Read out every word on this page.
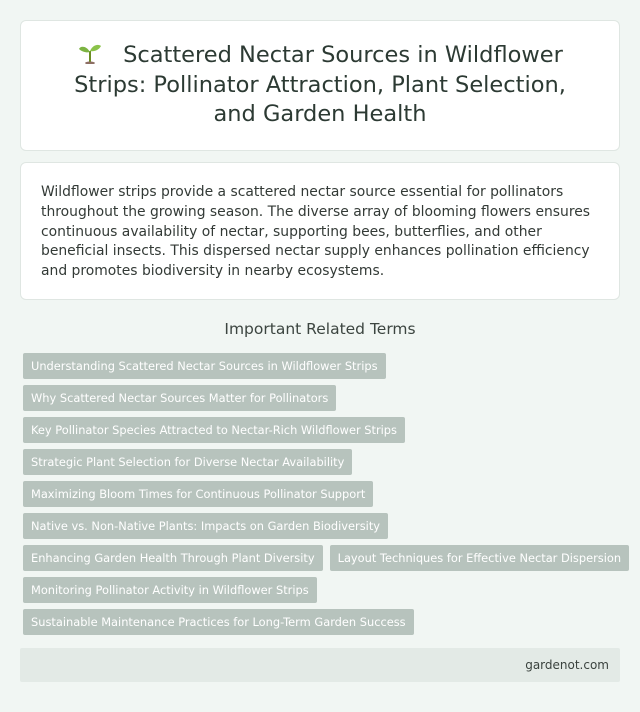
Scattered Nectar Sources in Wildflower Strips: Pollinator Attraction, Plant Selection, and Garden Health

Wildflower strips provide a scattered nectar source essential for pollinators throughout the growing season. The diverse array of blooming flowers ensures continuous availability of nectar, supporting bees, butterflies, and other beneficial insects. This dispersed nectar supply enhances pollination efficiency and promotes biodiversity in nearby ecosystems.

Important Related Terms
Understanding Scattered Nectar Sources in Wildflower Strips
Why Scattered Nectar Sources Matter for Pollinators
Key Pollinator Species Attracted to Nectar-Rich Wildflower Strips
Strategic Plant Selection for Diverse Nectar Availability
Maximizing Bloom Times for Continuous Pollinator Support
Native vs. Non-Native Plants: Impacts on Garden Biodiversity
Enhancing Garden Health Through Plant Diversity	Layout Techniques for Effective Nectar Dispersion
Monitoring Pollinator Activity in Wildflower Strips
Sustainable Maintenance Practices for Long-Term Garden Success
gardenot.com
